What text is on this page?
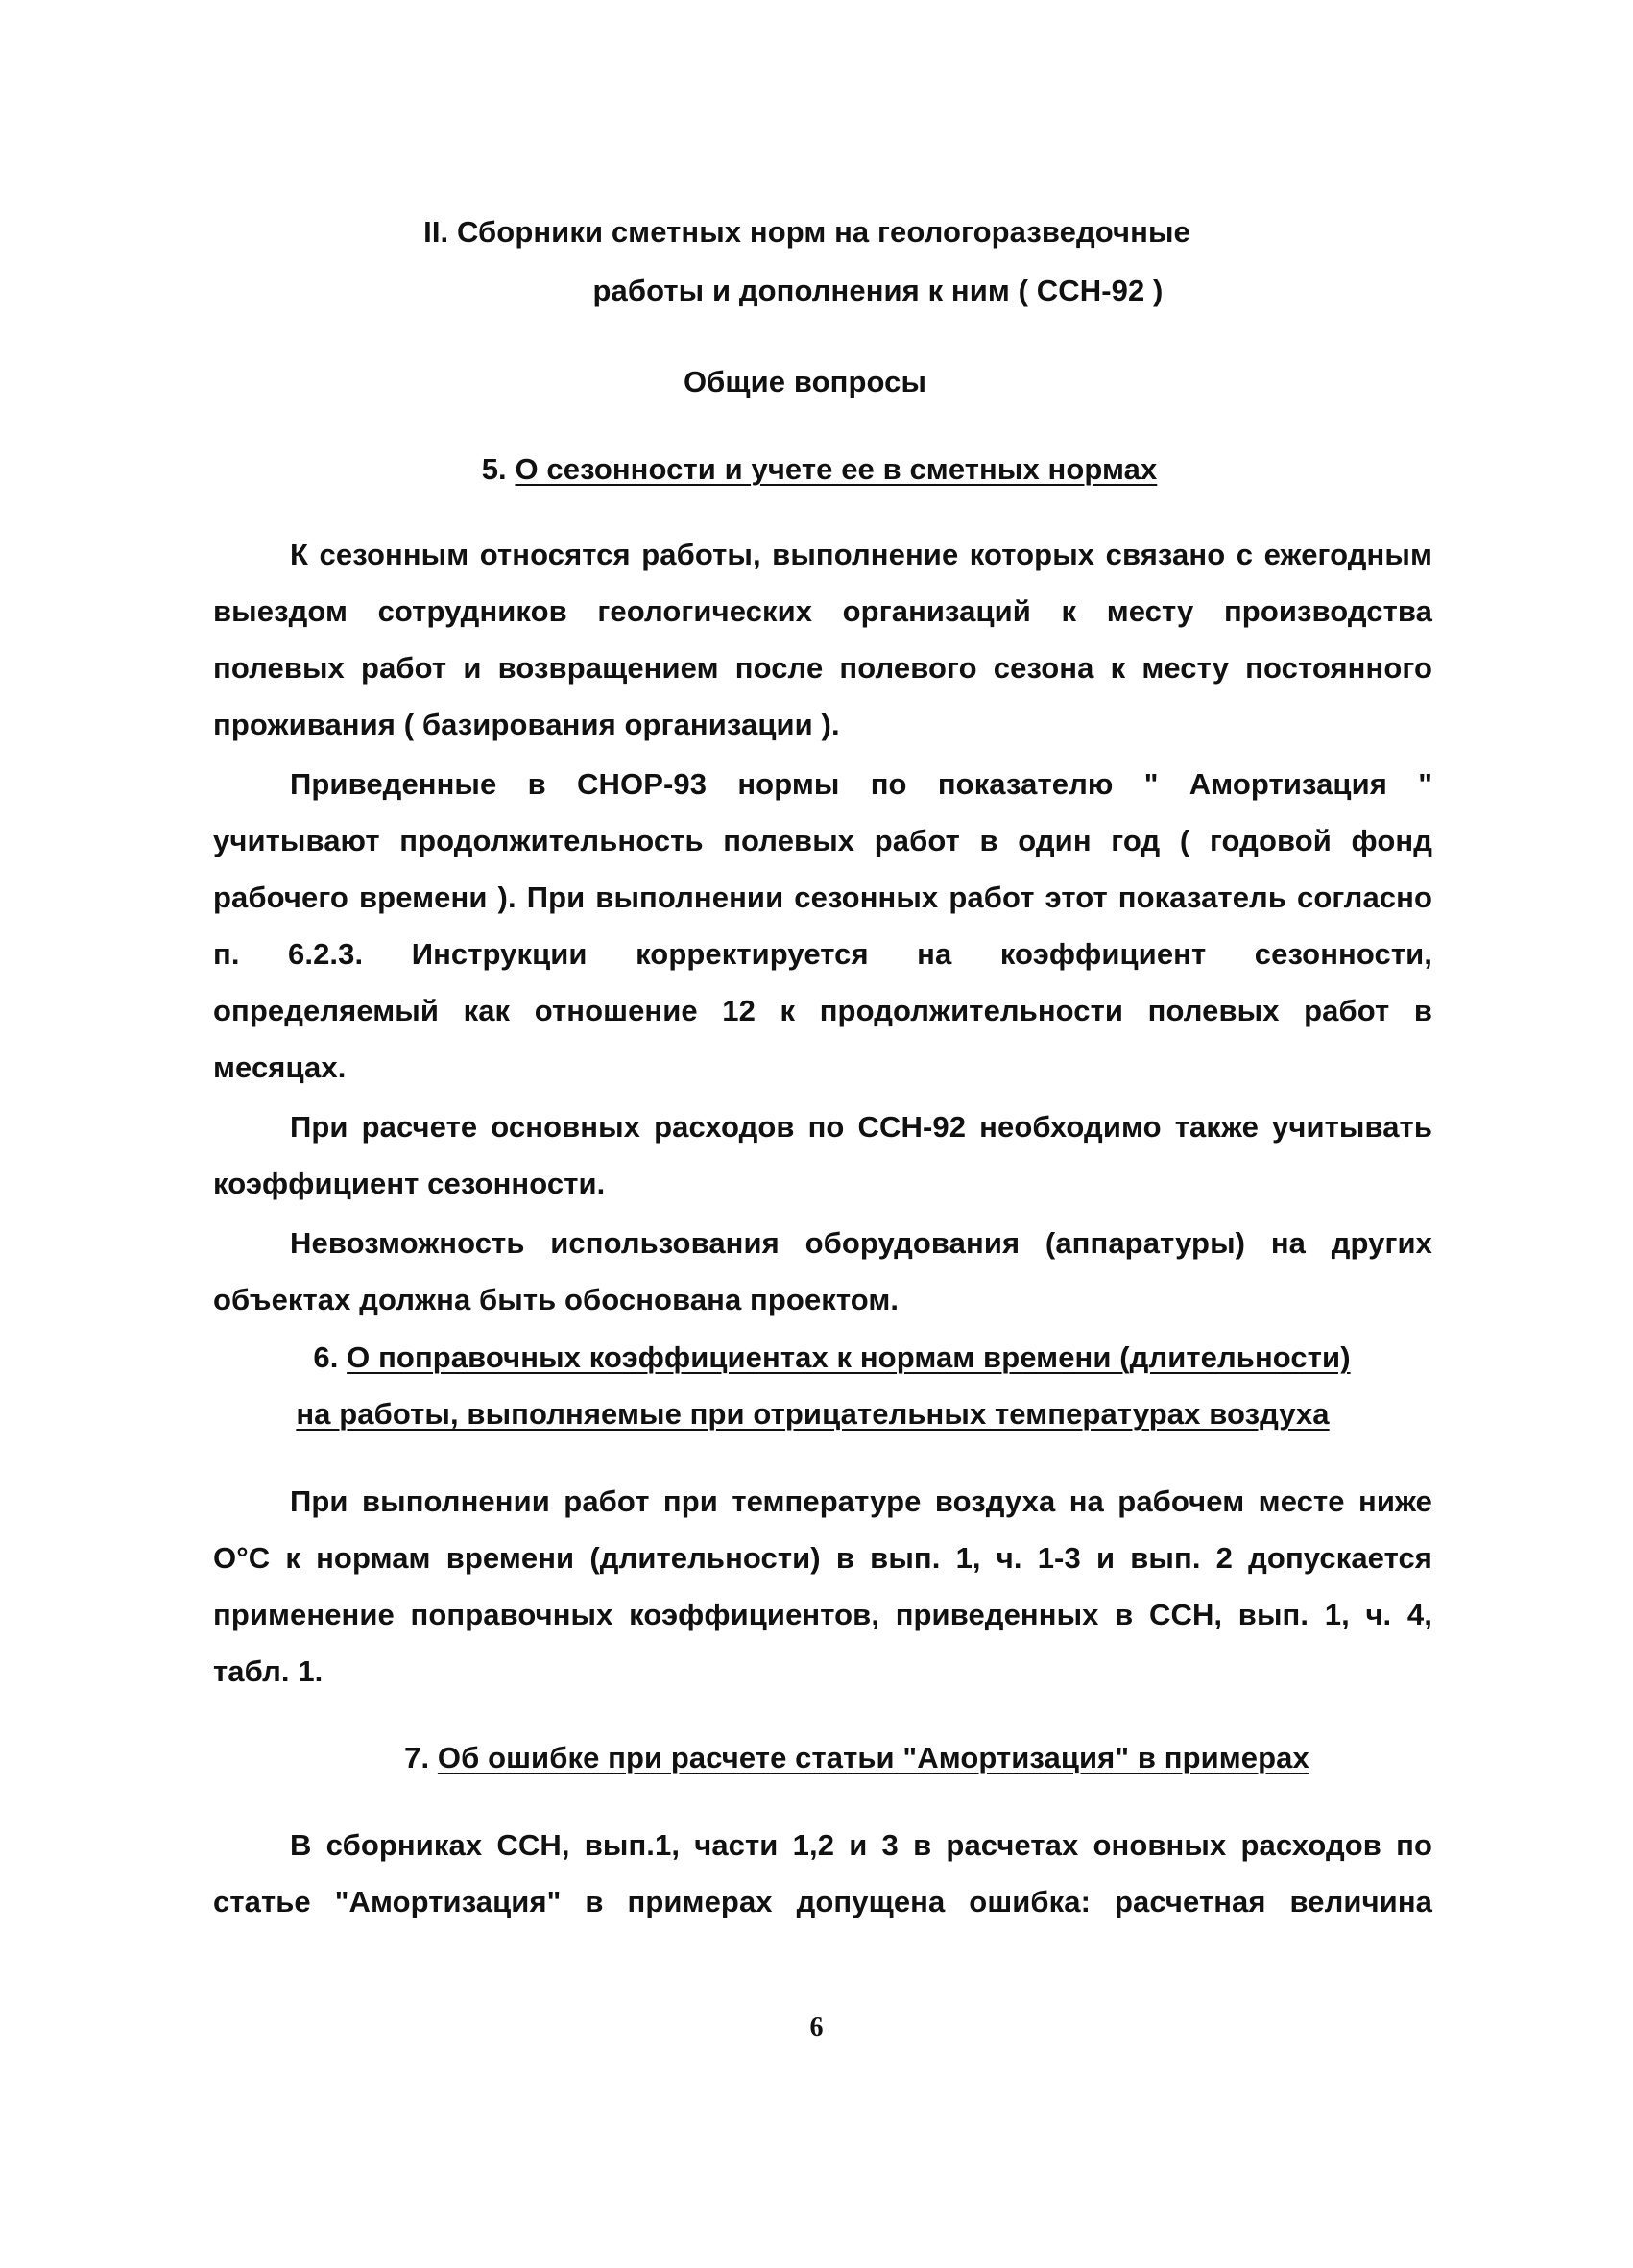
II. Сборники сметных норм на геологоразведочные

работы и дополнения к ним ( ССН-92 )

Общие вопросы

5. О сезонности и учете ее в сметных нормах

К сезонным относятся работы, выполнение которых связано с ежегодным

выездом сотрудников геологических организаций к месту производства

полевых работ и возвращением после полевого сезона к месту постоянного

проживания ( базирования организации ).

Приведенные в СНОР-93 нормы по показателю " Амортизация "

учитывают продолжительность полевых работ в один год ( годовой фонд

рабочего времени ). При выполнении сезонных работ этот показатель согласно

п. 6.2.3. Инструкции корректируется на коэффициент сезонности,

определяемый как отношение 12 к продолжительности полевых работ в

месяцах.

При расчете основных расходов по ССН-92 необходимо также учитывать

коэффициент сезонности.

Невозможность использования оборудования (аппаратуры) на других

объектах должна быть обоснована проектом.

6. О поправочных коэффициентах к нормам времени (длительности)

на работы, выполняемые при отрицательных температурах воздуха

При выполнении работ при температуре воздуха на рабочем месте ниже

О°С к нормам времени (длительности) в вып. 1, ч. 1-3 и вып. 2 допускается

применение поправочных коэффициентов, приведенных в ССН, вып. 1, ч. 4,

табл. 1.

7. Об ошибке при расчете статьи "Амортизация" в примерах

В сборниках ССН, вып.1, части 1,2 и 3 в расчетах оновных расходов по

статье "Амортизация" в примерах допущена ошибка: расчетная величина

6
